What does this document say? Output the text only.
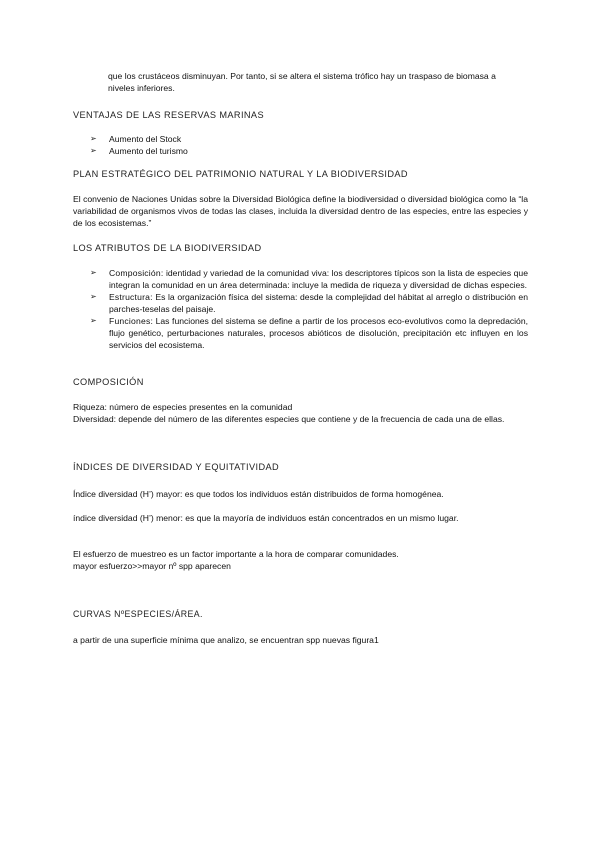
que los crustáceos disminuyan. Por tanto, si se altera el sistema trófico hay un traspaso de biomasa a
niveles inferiores.
VENTAJAS DE LAS RESERVAS MARINAS
➢ Aumento del Stock
➢ Aumento del turismo
PLAN ESTRATÉGICO DEL PATRIMONIO NATURAL Y LA BIODIVERSIDAD
El convenio de Naciones Unidas sobre la Diversidad Biológica define la biodiversidad o diversidad biológica como la “la variabilidad de organismos vivos de todas las clases, incluida la diversidad dentro de las especies, entre las especies y de los ecosistemas.”
LOS ATRIBUTOS DE LA BIODIVERSIDAD
➢ Composición: identidad y variedad de la comunidad viva: los descriptores típicos son la lista de especies que integran la comunidad en un área determinada: incluye la medida de riqueza y diversidad de dichas especies.
➢ Estructura: Es la organización física del sistema: desde la complejidad del hábitat al arreglo o distribución en parches-teselas del paisaje.
➢ Funciones: Las funciones del sistema se define a partir de los procesos eco-evolutivos como la depredación, flujo genético, perturbaciones naturales, procesos abióticos de disolución, precipitación etc influyen en los servicios del ecosistema.
COMPOSICIÓN
Riqueza: número de especies presentes en la comunidad
Diversidad: depende del número de las diferentes especies que contiene y de la frecuencia de cada una de ellas.
ÍNDICES DE DIVERSIDAD Y EQUITATIVIDAD
Índice diversidad (H’) mayor: es que todos los individuos están distribuidos de forma homogénea.
índice diversidad (H’) menor: es que la mayoría de individuos están concentrados en un mismo lugar.
El esfuerzo de muestreo es un factor importante a la hora de comparar comunidades.
mayor esfuerzo>>mayor nº spp aparecen
CURVAS NºESPECIES/ÁREA.
a partir de una superficie mínima que analizo, se encuentran spp nuevas figura1
